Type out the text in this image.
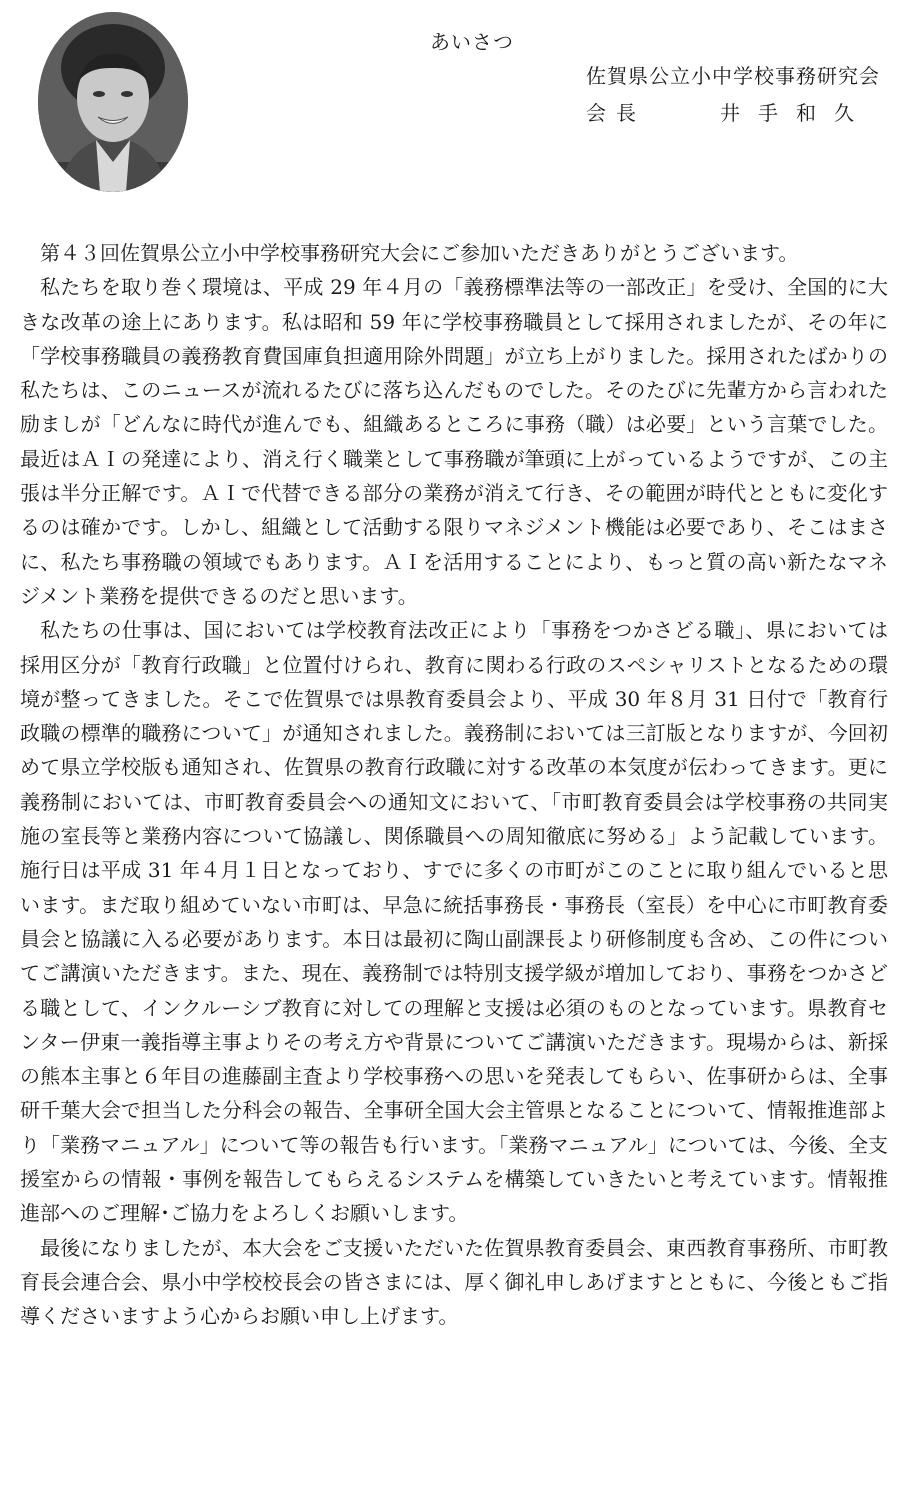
あいさつ
佐賀県公立小中学校事務研究会
会長	井手和久

第４３回佐賀県公立小中学校事務研究大会にご参加いただきありがとうございます。

私たちを取り巻く環境は、平成 29 年４月の「義務標準法等の一部改正」を受け、全国的に大きな改革の途上にあります。私は昭和 59 年に学校事務職員として採用されましたが、その年に「学校事務職員の義務教育費国庫負担適用除外問題」が立ち上がりました。採用されたばかりの私たちは、このニュースが流れるたびに落ち込んだものでした。そのたびに先輩方から言われた励ましが「どんなに時代が進んでも、組織あるところに事務（職）は必要」という言葉でした。最近はＡＩの発達により、消え行く職業として事務職が筆頭に上がっているようですが、この主張は半分正解です。ＡＩで代替できる部分の業務が消えて行き、その範囲が時代とともに変化するのは確かです。しかし、組織として活動する限りマネジメント機能は必要であり、そこはまさに、私たち事務職の領域でもあります。ＡＩを活用することにより、もっと質の高い新たなマネジメント業務を提供できるのだと思います。

私たちの仕事は、国においては学校教育法改正により「事務をつかさどる職」、県においては採用区分が「教育行政職」と位置付けられ、教育に関わる行政のスペシャリストとなるための環境が整ってきました。そこで佐賀県では県教育委員会より、平成 30 年８月 31 日付で「教育行政職の標準的職務について」が通知されました。義務制においては三訂版となりますが、今回初めて県立学校版も通知され、佐賀県の教育行政職に対する改革の本気度が伝わってきます。更に義務制においては、市町教育委員会への通知文において、「市町教育委員会は学校事務の共同実施の室長等と業務内容について協議し、関係職員への周知徹底に努める」よう記載しています。施行日は平成 31 年４月１日となっており、すでに多くの市町がこのことに取り組んでいると思います。まだ取り組めていない市町は、早急に統括事務長・事務長（室長）を中心に市町教育委員会と協議に入る必要があります。本日は最初に陶山副課長より研修制度も含め、この件についてご講演いただきます。また、現在、義務制では特別支援学級が増加しており、事務をつかさどる職として、インクルーシブ教育に対しての理解と支援は必須のものとなっています。県教育センター伊東一義指導主事よりその考え方や背景についてご講演いただきます。現場からは、新採の熊本主事と６年目の進藤副主査より学校事務への思いを発表してもらい、佐事研からは、全事研千葉大会で担当した分科会の報告、全事研全国大会主管県となることについて、情報推進部より「業務マニュアル」について等の報告も行います。「業務マニュアル」については、今後、全支援室からの情報・事例を報告してもらえるシステムを構築していきたいと考えています。情報推進部へのご理解･ご協力をよろしくお願いします。

最後になりましたが、本大会をご支援いただいた佐賀県教育委員会、東西教育事務所、市町教育長会連合会、県小中学校校長会の皆さまには、厚く御礼申しあげますとともに、今後ともご指導くださいますよう心からお願い申し上げます。
